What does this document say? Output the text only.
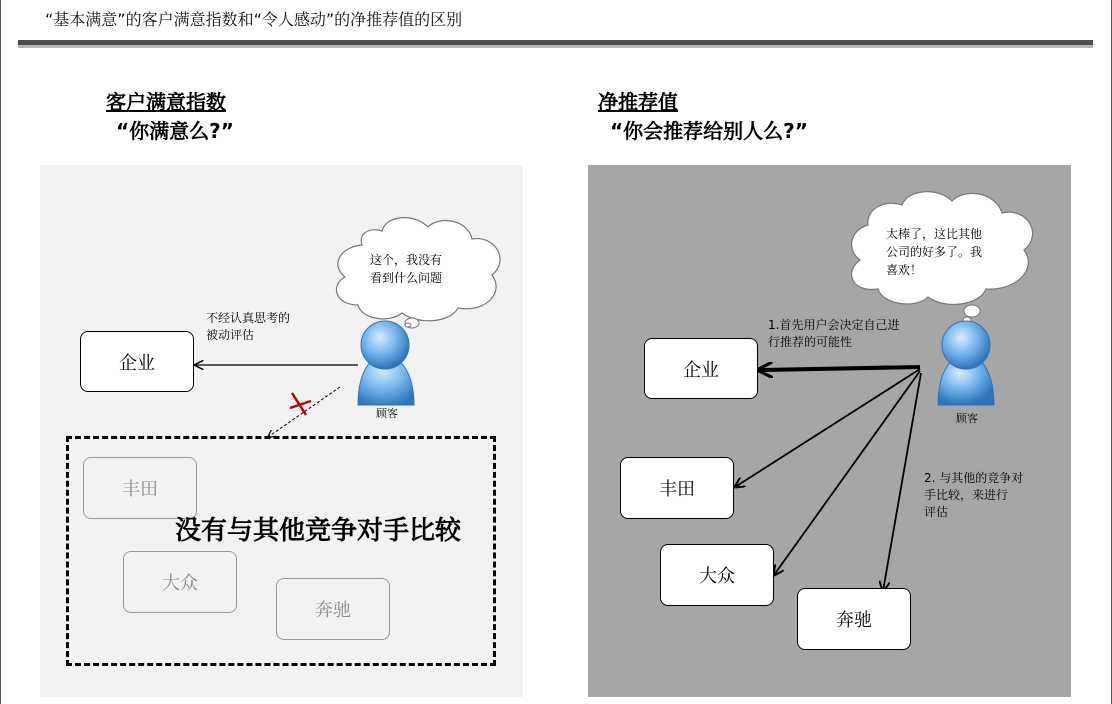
“基本满意”的客户满意指数和“令人感动”的净推荐值的区别
客户满意指数
“你满意么?”
净推荐值
“你会推荐给别人么?”
这个，我没有
看到什么问题
顾客
不经认真思考的
被动评估
企业
丰田
大众
奔驰
没有与其他竞争对手比较
太棒了，这比其他
公司的好多了。我
喜欢！
顾客
1.首先用户会决定自己进
行推荐的可能性
2. 与其他的竞争对
手比较，来进行
评估
企业
丰田
大众
奔驰
